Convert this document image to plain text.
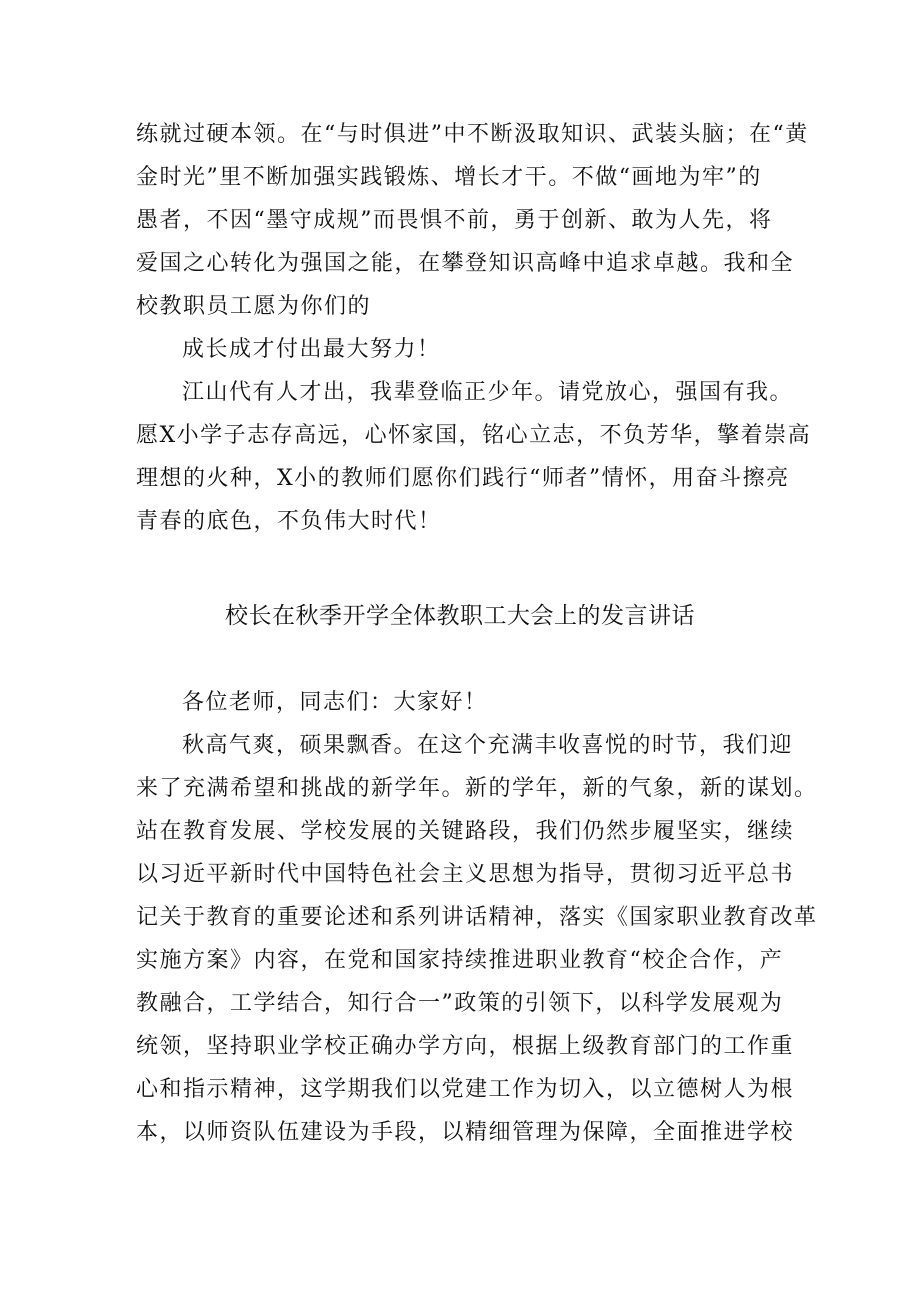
练就过硬本领。在“与时俱进”中不断汲取知识、武装头脑；在“黄
金时光”里不断加强实践锻炼、增长才干。不做“画地为牢”的
愚者，不因“墨守成规”而畏惧不前，勇于创新、敢为人先，将
爱国之心转化为强国之能，在攀登知识高峰中追求卓越。我和全
校教职员工愿为你们的
成长成才付出最大努力！
江山代有人才出，我辈登临正少年。请党放心，强国有我。
愿X小学子志存高远，心怀家国，铭心立志，不负芳华，擎着崇高
理想的火种，X小的教师们愿你们践行“师者”情怀，用奋斗擦亮
青春的底色，不负伟大时代！
校长在秋季开学全体教职工大会上的发言讲话
各位老师，同志们：大家好！
秋高气爽，硕果飘香。在这个充满丰收喜悦的时节，我们迎
来了充满希望和挑战的新学年。新的学年，新的气象，新的谋划。
站在教育发展、学校发展的关键路段，我们仍然步履坚实，继续
以习近平新时代中国特色社会主义思想为指导，贯彻习近平总书
记关于教育的重要论述和系列讲话精神，落实《国家职业教育改革
实施方案》内容，在党和国家持续推进职业教育“校企合作，产
教融合，工学结合，知行合一”政策的引领下，以科学发展观为
统领，坚持职业学校正确办学方向，根据上级教育部门的工作重
心和指示精神，这学期我们以党建工作为切入，以立德树人为根
本，以师资队伍建设为手段，以精细管理为保障，全面推进学校
